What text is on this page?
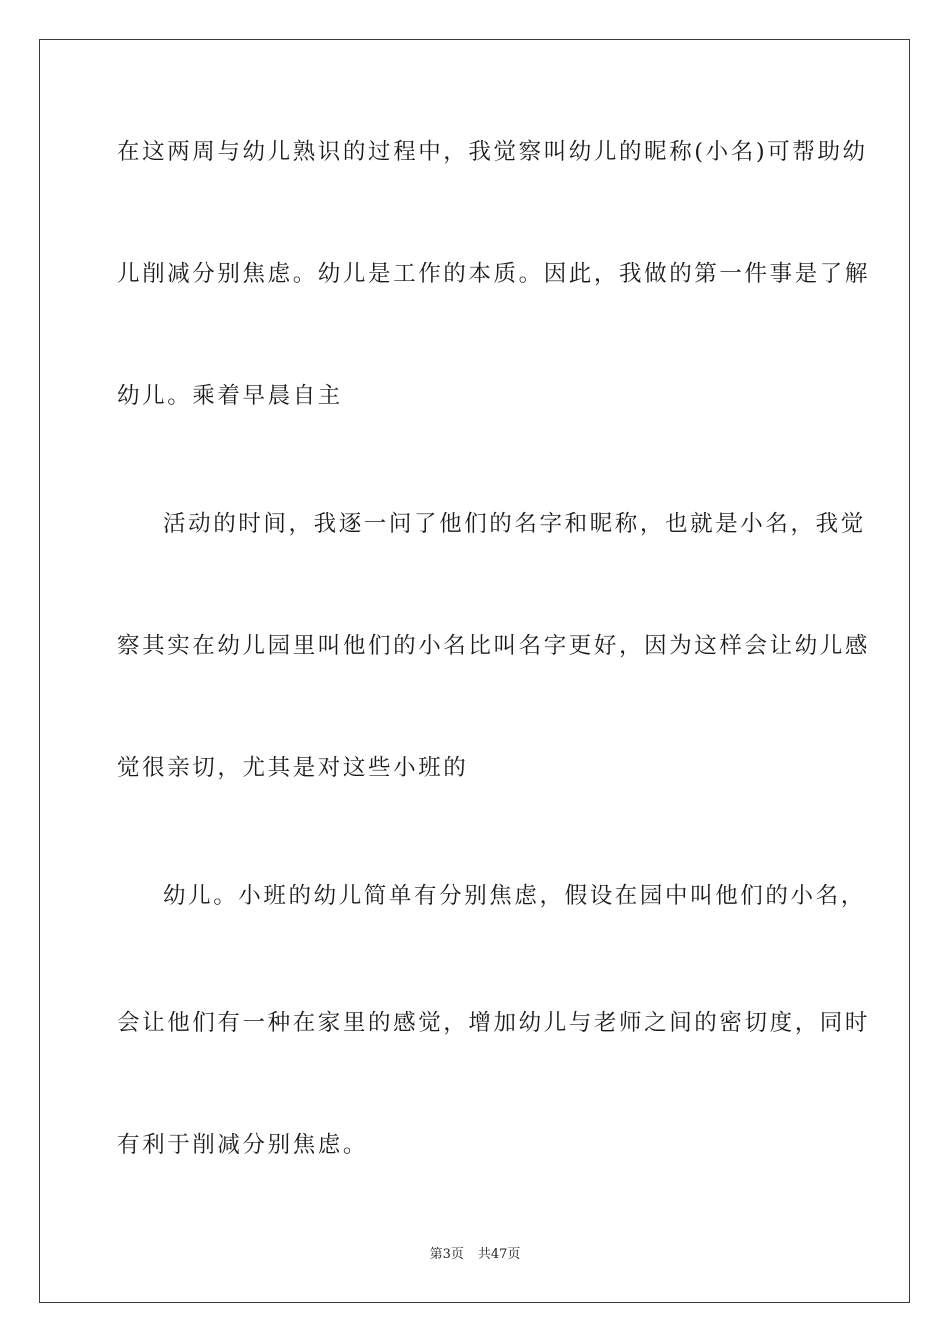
在这两周与幼儿熟识的过程中，我觉察叫幼儿的昵称(小名)可帮助幼
儿削减分别焦虑。幼儿是工作的本质。因此，我做的第一件事是了解
幼儿。乘着早晨自主
活动的时间，我逐一问了他们的名字和昵称，也就是小名，我觉
察其实在幼儿园里叫他们的小名比叫名字更好，因为这样会让幼儿感
觉很亲切，尤其是对这些小班的
幼儿。小班的幼儿简单有分别焦虑，假设在园中叫他们的小名，
会让他们有一种在家里的感觉，增加幼儿与老师之间的密切度，同时
有利于削减分别焦虑。
第3页 共47页
